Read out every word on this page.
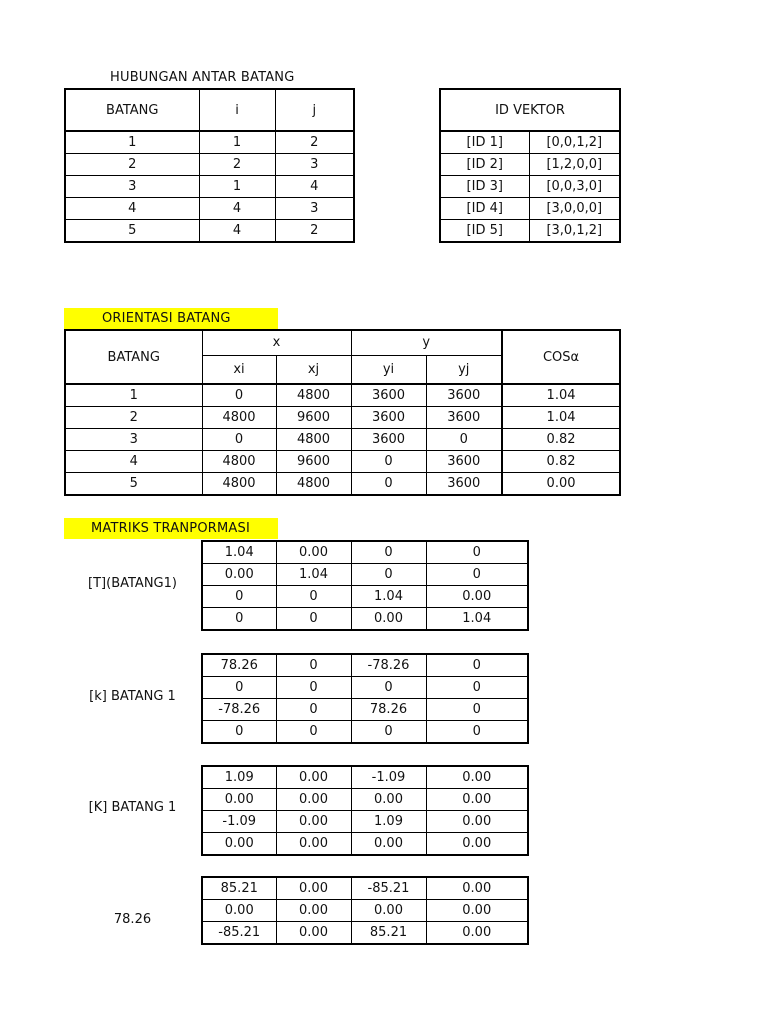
HUBUNGAN ANTAR BATANG
BATANG	i	j
1	1	2
2	2	3
3	1	4
4	4	3
5	4	2
ID VEKTOR	
[ID 1]	[0,0,1,2]
[ID 2]	[1,2,0,0]
[ID 3]	[0,0,3,0]
[ID 4]	[3,0,0,0]
[ID 5]	[3,0,1,2]
ORIENTASI BATANG
BATANG	x		y		COSα
	xi	xj	yi	yj	
1	0	4800	3600	3600	1.04
2	4800	9600	3600	3600	1.04
3	0	4800	3600	0	0.82
4	4800	9600	0	3600	0.82
5	4800	4800	0	3600	0.00
MATRIKS TRANPORMASI
[T](BATANG1)
1.04	0.00	0	0
0.00	1.04	0	0
0	0	1.04	0.00
0	0	0.00	1.04
[k] BATANG 1
78.26	0	-78.26	0
0	0	0	0
-78.26	0	78.26	0
0	0	0	0
[K] BATANG 1
1.09	0.00	-1.09	0.00
0.00	0.00	0.00	0.00
-1.09	0.00	1.09	0.00
0.00	0.00	0.00	0.00
78.26
85.21	0.00	-85.21	0.00
0.00	0.00	0.00	0.00
-85.21	0.00	85.21	0.00
